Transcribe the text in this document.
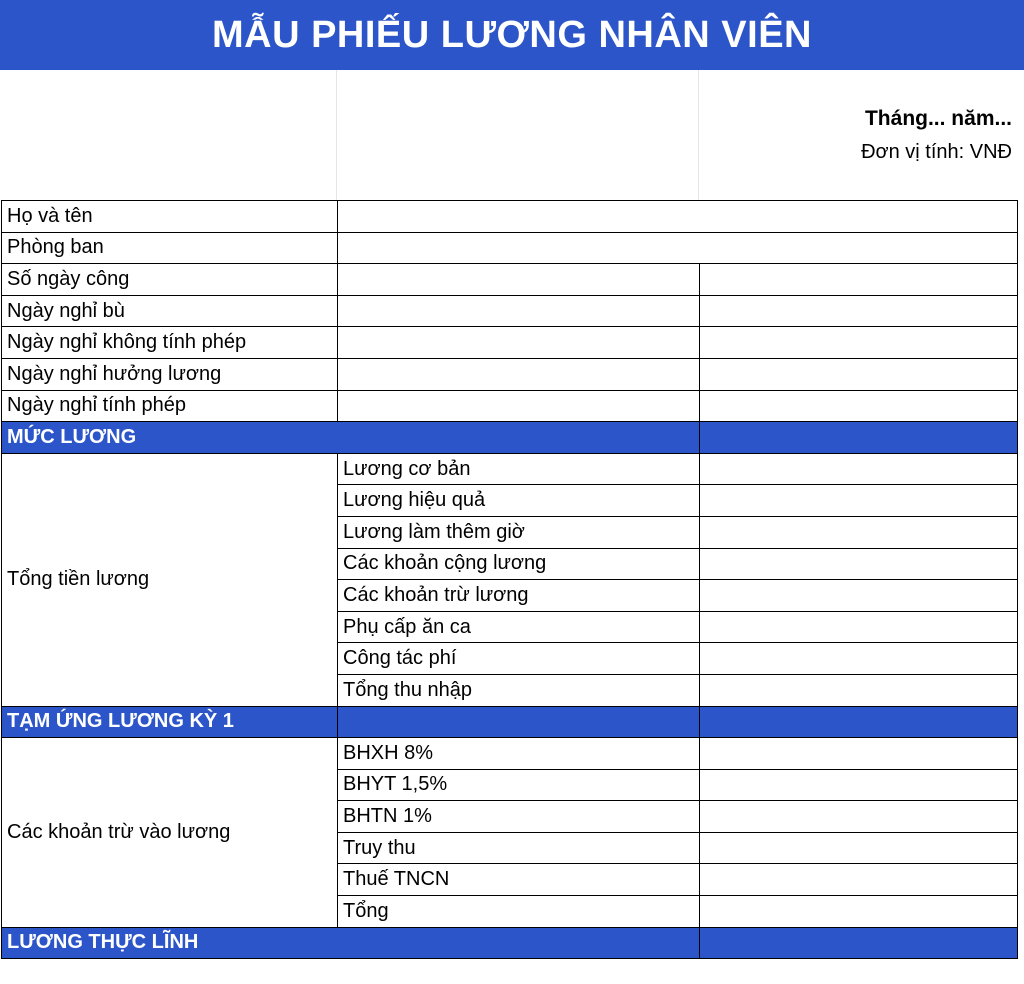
MẪU PHIẾU LƯƠNG NHÂN VIÊN
Tháng... năm...
Đơn vị tính: VNĐ
Họ và tên		
Phòng ban		
Số ngày công		
Ngày nghỉ bù		
Ngày nghỉ không tính phép		
Ngày nghỉ hưởng lương		
Ngày nghỉ tính phép		
MỨC LƯƠNG		
Tổng tiền lương	Lương cơ bản	
	Lương hiệu quả	
	Lương làm thêm giờ	
	Các khoản cộng lương	
	Các khoản trừ lương	
	Phụ cấp ăn ca	
	Công tác phí	
	Tổng thu nhập	
TẠM ỨNG LƯƠNG KỲ 1		
Các khoản trừ vào lương	BHXH 8%	
	BHYT 1,5%	
	BHTN 1%	
	Truy thu	
	Thuế TNCN	
	Tổng	
LƯƠNG THỰC LĨNH		
